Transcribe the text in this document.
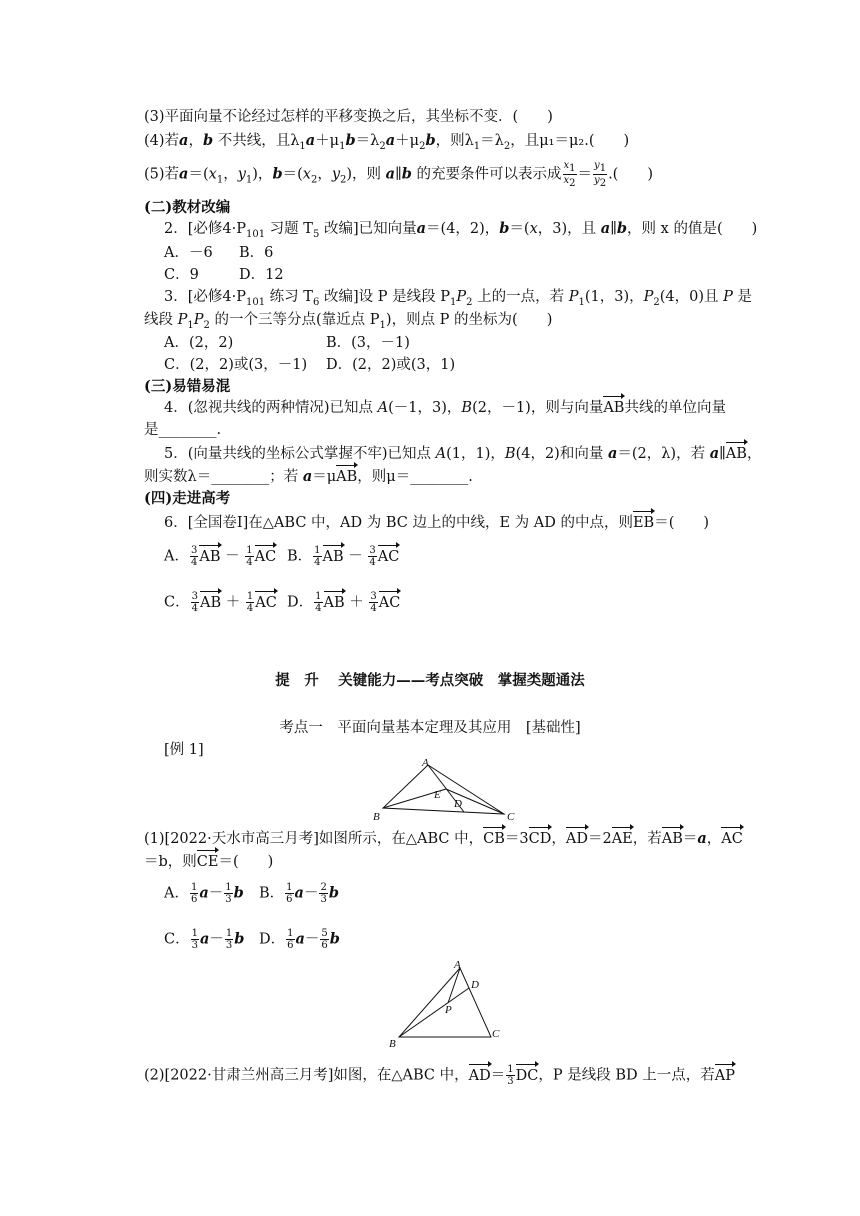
(3)平面向量不论经过怎样的平移变换之后，其坐标不变．(　　)
(4)若a，b 不共线，且$\lambda_1a+\mu_1b=\lambda_2a+\mu_2b$，则$\lambda_1=\lambda_2$，且μ₁＝μ₂.(　　)
(5)若$a=(x_1$，$y_1$)，$b=(x_2$，$y_2$)，则 a∥b 的充要条件可以表示成 $\frac{x_1}{x_2} = \frac{y_1}{y_2}$ .(　　)
(二)教材改编
2．[必修$4\cdot P_{101}$ 习题 $T_5$ 改编]已知向量a＝(4，2)，b＝(x，3)，且 a∥b，则 x 的值是(　　)
A．－6 B．6
C．9	D．12
3．[必修$4\cdot P_{101}$ 练习 $T_6$ 改编]设 P 是线段 $P_1P_2$ 上的一点，若 $P_1(1$，3)，$P_2(4$，0)且 P 是
线段 $P_1P_2$ 的一个三等分点(靠近点 $P_1$)，则点 P 的坐标为(　　)
A．(2，2)	B．(3，－1)
C．(2，2)或(3，－1) D．(2，2)或(3，1)
(三)易错易混
4．(忽视共线的两种情况)已知点 A(－1，3)，B(2，－1)，则与向量AB共线的单位向量
是________.
5．(向量共线的坐标公式掌握不牢)已知点 A(1，1)，B(4，2)和向量 a＝(2，λ)，若 a∥AB，
则实数λ＝________；若 a＝μAB，则μ＝________.
(四)走进高考
6．[全国卷Ⅰ]在△ABC 中，AD 为 BC 边上的中线，E 为 AD 的中点，则EB＝(　　)
A． $\frac{3}{4}$ AB － $\frac{1}{4}$ AC B． $\frac{1}{4}$ AB － $\frac{3}{4}$ AC
C． $\frac{3}{4}$ AB ＋ $\frac{1}{4}$ AC D． $\frac{1}{4}$ AB ＋ $\frac{3}{4}$ AC
提　升　 关键能力——考点突破　掌握类题通法
考点一　平面向量基本定理及其应用　[基础性]
[例 1]
A
B	C
E
D
(1)[2022·天水市高三月考]如图所示，在△ABC 中，CB＝3CD，AD＝2AE，若AB＝a，AC
＝b，则CE＝(　　)
A． $\frac{1}{6} a- \frac{1}{3}$ b B． $\frac{1}{6} a- \frac{2}{3}$ b
C． $\frac{1}{3} a- \frac{1}{3}$ b D． $\frac{1}{6} a- \frac{5}{6}$ b
A
B
C
D
P
(2)[2022·甘肃兰州高三月考]如图，在△ABC 中，$AD= \frac{1}{3}$ DC，P 是线段 BD 上一点，若AP
